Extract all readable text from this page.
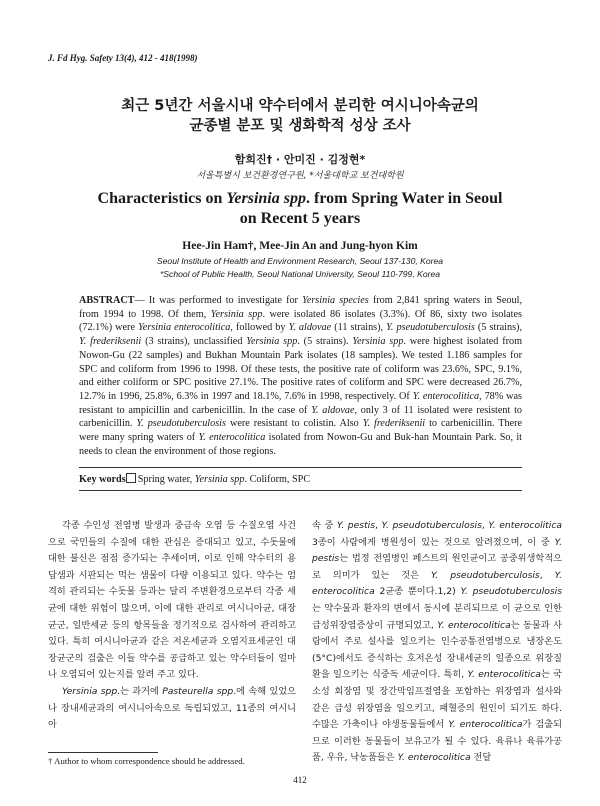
J. Fd Hyg. Safety 13(4), 412 - 418(1998)
최근 5년간 서울시내 약수터에서 분리한 여시니아속균의
균종별 분포 및 생화학적 성상 조사
함희진† · 안미진 · 김정현*
서울특별시 보건환경연구원, *서울대학교 보건대학원
Characteristics on Yersinia spp. from Spring Water in Seoul
on Recent 5 years
Hee-Jin Ham†, Mee-Jin An and Jung-hyon Kim
Seoul Institute of Health and Environment Research, Seoul 137-130, Korea
*School of Public Health, Seoul National University, Seoul 110-799, Korea
ABSTRACT— It was performed to investigate for Yersinia species from 2,841 spring waters in Seoul, from 1994 to 1998. Of them, Yersinia spp. were isolated 86 isolates (3.3%). Of 86, sixty two isolates (72.1%) were Yersinia enterocolitica, followed by Y. aldovae (11 strains), Y. pseudotuberculosis (5 strains), Y. frederiksenii (3 strains), unclassified Yersinia spp. (5 strains). Yersinia spp. were highest isolated from Nowon-Gu (22 samples) and Bukhan Mountain Park isolates (18 samples). We tested 1.186 samples for SPC and coliform from 1996 to 1998. Of these tests, the positive rate of coliform was 23.6%, SPC, 9.1%, and either coliform or SPC positive 27.1%. The positive rates of coliform and SPC were decreased 26.7%, 12.7% in 1996, 25.8%, 6.3% in 1997 and 18.1%, 7.6% in 1998, respectively. Of Y. enterocolitica, 78% was resistant to ampicillin and carbenicillin. In the case of Y. aldovae, only 3 of 11 isolated were resistent to carbenicillin. Y. pseudotuberculosis were resistant to colistin. Also Y. frederiksenii to carbenicillin. There were many spring waters of Y. enterocolitica isolated from Nowon-Gu and Buk-han Mountain Park. So, it needs to clean the environment of those regions.
Key words Spring water, Yersinia spp. Coliform, SPC

각종 수인성 전염병 발생과 중금속 오염 등 수질오염 사건으로 국민들의 수질에 대한 관심은 증대되고 있고, 수돗물에 대한 불신은 점점 증가되는 추세이며, 이로 인해 약수터의 용답샘과 시판되는 먹는 샘물이 다량 이용되고 있다. 약수는 엄격히 관리되는 수돗물 등과는 달리 주변환경으로부터 각종 세균에 대한 위험이 많으며, 이에 대한 관리로 여시니아균, 대장균군, 일반세균 등의 항목들을 정기적으로 검사하여 관리하고 있다. 특히 여시니아균과 같은 저온세균과 오염지표세균인 대장균군의 검출은 이들 약수를 공급하고 있는 약수터들이 얼마나 오염되어 있는지를 알려 주고 있다.

Yersinia spp.는 과거에 Pasteurella spp.에 속해 있었으나 장내세균과의 여시니아속으로 독립되었고, 11종의 여시니아

속 중 Y. pestis, Y. pseudotuberculosis, Y. enterocolitica 3종이 사람에게 병원성이 있는 것으로 알려졌으며, 이 중 Y. pestis는 법정 전염병인 페스트의 원인균이고 공중위생학적으로 의미가 있는 것은 Y. pseudotuberculosis, Y. enterocolitica 2균종 뿐이다.1,2) Y. pseudotuberculosis는 약수물과 환자의 변에서 동시에 분리되므로 이 균으로 인한 급성위장염증상이 규명되었고, Y. enterocolitica는 동물과 사람에서 주로 설사를 일으키는 인수공통전염병으로 냉장온도(5°C)에서도 증식하는 호저온성 장내세균의 일종으로 위장질환을 일으키는 식중독 세균이다. 특히, Y. enterocolitica는 국소성 회장염 및 장간막임프절염을 포함하는 위장염과 설사와 같은 급성 위장염을 일으키고, 패혈증의 원인이 되기도 하다. 수많은 가축이나 야생동물들에서 Y. enterocolitica가 검출되므로 이러한 동물들이 보유고가 될 수 있다. 육류나 육류가공품, 우유, 낙농품들은 Y. enterocolitica 전달

† Author to whom correspondence should be addressed.
412
